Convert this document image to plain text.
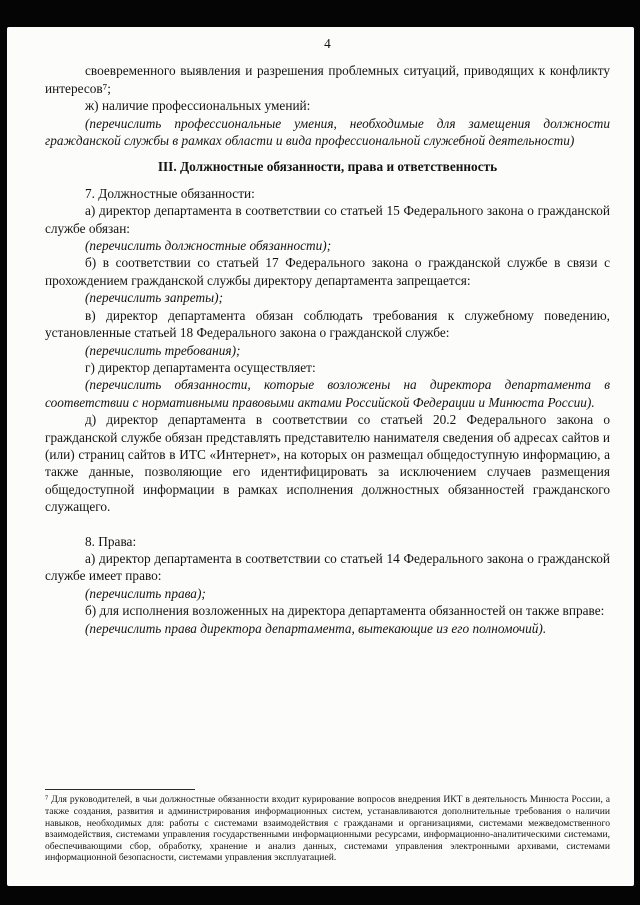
4

своевременного выявления и разрешения проблемных ситуаций, приводящих к конфликту интересов⁷;

ж) наличие профессиональных умений:

(перечислить профессиональные умения, необходимые для замещения должности гражданской службы в рамках области и вида профессиональной служебной деятельности)

III. Должностные обязанности, права и ответственность

7. Должностные обязанности:

а) директор департамента в соответствии со статьей 15 Федерального закона о гражданской службе обязан:

(перечислить должностные обязанности);

б) в соответствии со статьей 17 Федерального закона о гражданской службе в связи с прохождением гражданской службы директору департамента запрещается:

(перечислить запреты);

в) директор департамента обязан соблюдать требования к служебному поведению, установленные статьей 18 Федерального закона о гражданской службе:

(перечислить требования);

г) директор департамента осуществляет:

(перечислить обязанности, которые возложены на директора департамента в соответствии с нормативными правовыми актами Российской Федерации и Минюста России).

д) директор департамента в соответствии со статьей 20.2 Федерального закона о гражданской службе обязан представлять представителю нанимателя сведения об адресах сайтов и (или) страниц сайтов в ИТС «Интернет», на которых он размещал общедоступную информацию, а также данные, позволяющие его идентифицировать за исключением случаев размещения общедоступной информации в рамках исполнения должностных обязанностей гражданского служащего.

8. Права:

а) директор департамента в соответствии со статьей 14 Федерального закона о гражданской службе имеет право:

(перечислить права);

б) для исполнения возложенных на директора департамента обязанностей он также вправе:

(перечислить права директора департамента, вытекающие из его полномочий).

⁷ Для руководителей, в чьи должностные обязанности входит курирование вопросов внедрения ИКТ в деятельность Минюста России, а также создания, развития и администрирования информационных систем, устанавливаются дополнительные требования о наличии навыков, необходимых для: работы с системами взаимодействия с гражданами и организациями, системами межведомственного взаимодействия, системами управления государственными информационными ресурсами, информационно-аналитическими системами, обеспечивающими сбор, обработку, хранение и анализ данных, системами управления электронными архивами, системами информационной безопасности, системами управления эксплуатацией.
